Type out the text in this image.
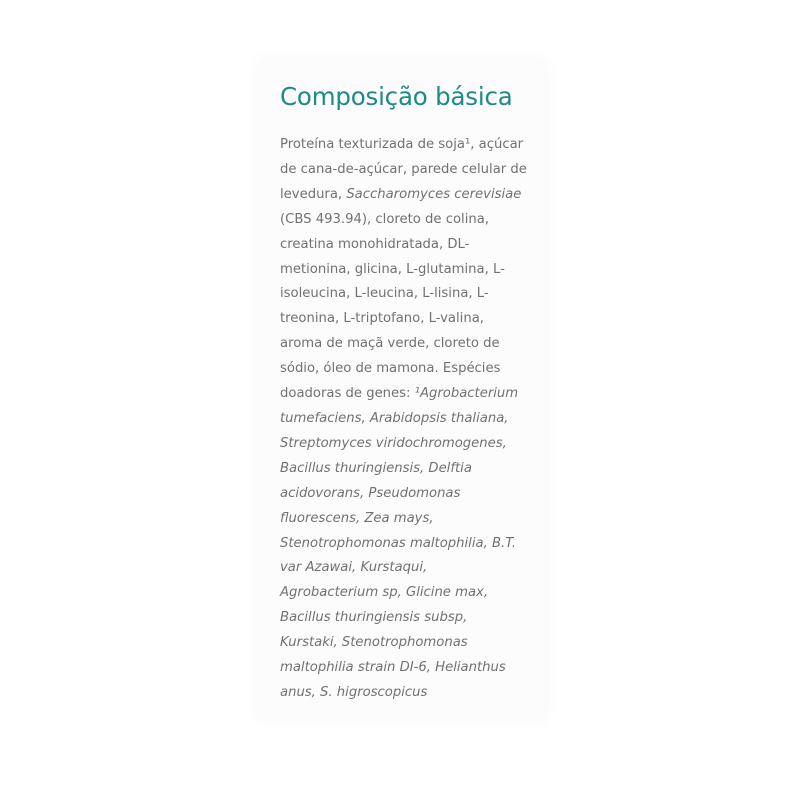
Composição básica
Proteína texturizada de soja¹, açúcar
de cana-de-açúcar, parede celular de
levedura, Saccharomyces cerevisiae
(CBS 493.94), cloreto de colina,
creatina monohidratada, DL-
metionina, glicina, L-glutamina, L-
isoleucina, L-leucina, L-lisina, L-
treonina, L-triptofano, L-valina,
aroma de maçã verde, cloreto de
sódio, óleo de mamona. Espécies
doadoras de genes: ¹Agrobacterium
tumefaciens, Arabidopsis thaliana,
Streptomyces viridochromogenes,
Bacillus thuringiensis, Delftia
acidovorans, Pseudomonas
fluorescens, Zea mays,
Stenotrophomonas maltophilia, B.T.
var Azawai, Kurstaqui,
Agrobacterium sp, Glicine max,
Bacillus thuringiensis subsp,
Kurstaki, Stenotrophomonas
maltophilia strain DI-6, Helianthus
anus, S. higroscopicus
